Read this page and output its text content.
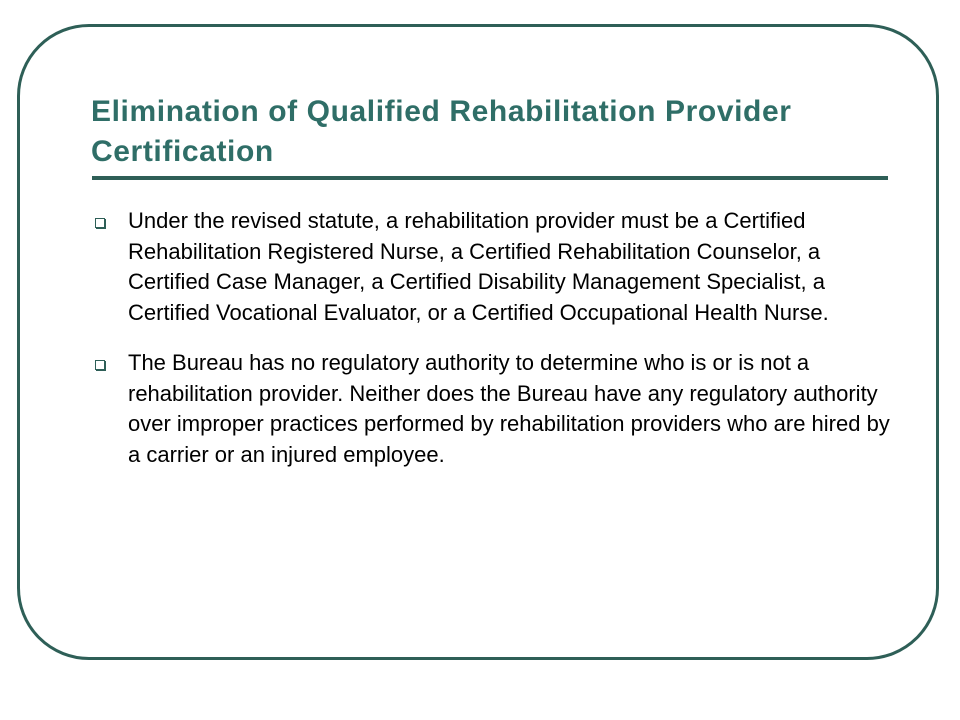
Elimination of Qualified Rehabilitation Provider Certification
Under the revised statute, a rehabilitation provider must be a Certified Rehabilitation Registered Nurse, a Certified Rehabilitation Counselor, a Certified Case Manager, a Certified Disability Management Specialist, a Certified Vocational Evaluator, or a Certified Occupational Health Nurse.
The Bureau has no regulatory authority to determine who is or is not a rehabilitation provider. Neither does the Bureau have any regulatory authority over improper practices performed by rehabilitation providers who are hired by a carrier or an injured employee.
